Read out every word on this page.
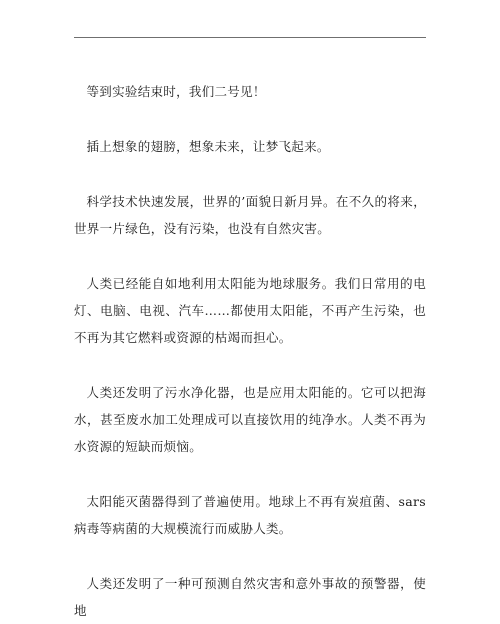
等到实验结束时，我们二号见！

插上想象的翅膀，想象未来，让梦飞起来。

科学技术快速发展，世界的’面貌日新月异。在不久的将来，世界一片绿色，没有污染，也没有自然灾害。

人类已经能自如地利用太阳能为地球服务。我们日常用的电灯、电脑、电视、汽车……都使用太阳能，不再产生污染，也不再为其它燃料或资源的枯竭而担心。

人类还发明了污水净化器，也是应用太阳能的。它可以把海水，甚至废水加工处理成可以直接饮用的纯净水。人类不再为水资源的短缺而烦恼。

太阳能灭菌器得到了普遍使用。地球上不再有炭疽菌、sars 病毒等病菌的大规模流行而威胁人类。

人类还发明了一种可预测自然灾害和意外事故的预警器，使地
